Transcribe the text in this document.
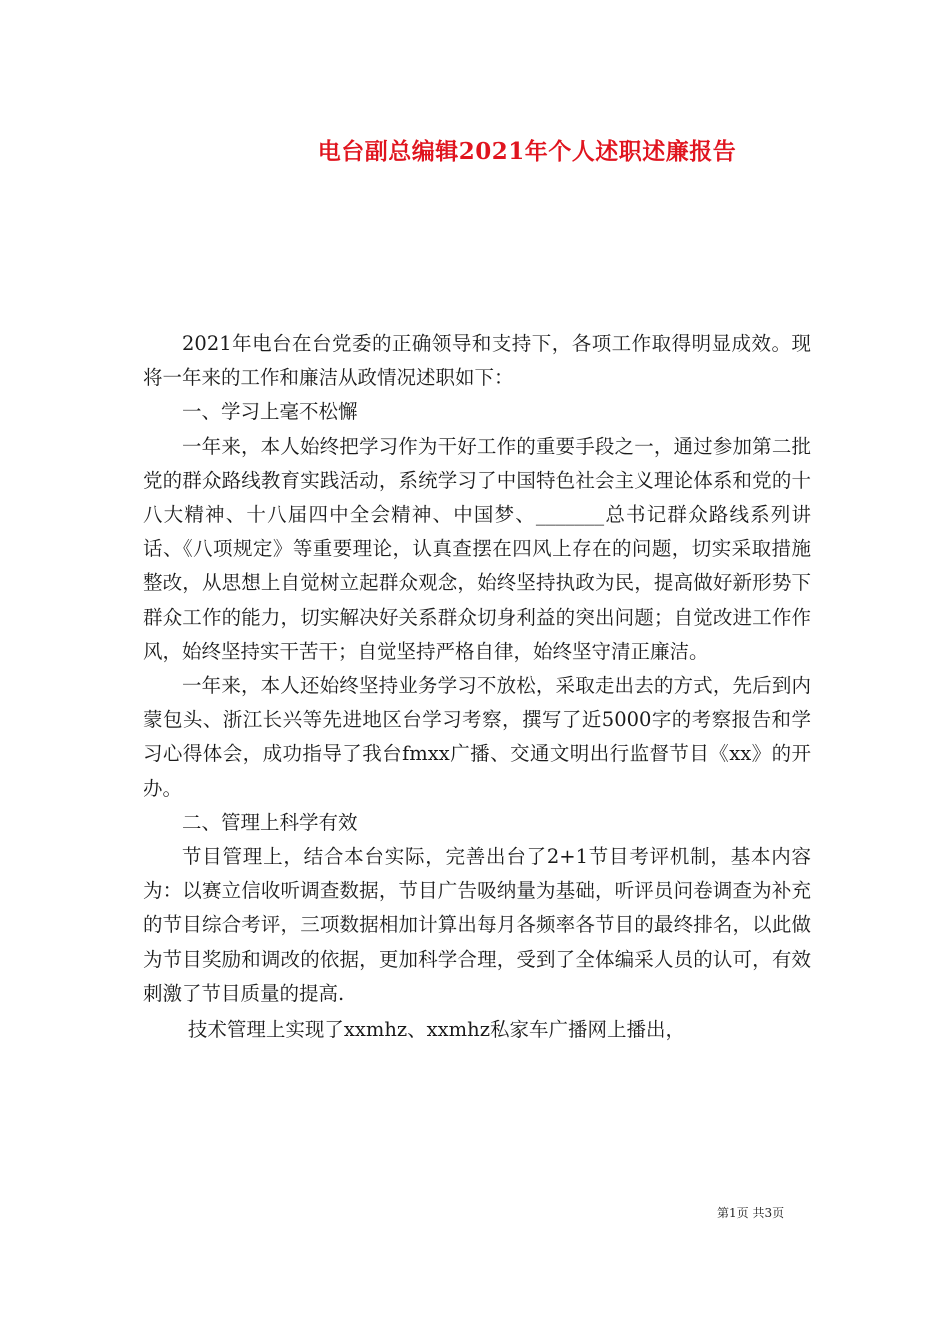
电台副总编辑2021年个人述职述廉报告

2021年电台在台党委的正确领导和支持下，各项工作取得明显成效。现将一年来的工作和廉洁从政情况述职如下：

一、学习上毫不松懈

一年来，本人始终把学习作为干好工作的重要手段之一，通过参加第二批党的群众路线教育实践活动，系统学习了中国特色社会主义理论体系和党的十八大精神、十八届四中全会精神、中国梦、_______总书记群众路线系列讲话、《八项规定》等重要理论，认真查摆在四风上存在的问题，切实采取措施整改，从思想上自觉树立起群众观念，始终坚持执政为民，提高做好新形势下群众工作的能力，切实解决好关系群众切身利益的突出问题；自觉改进工作作风，始终坚持实干苦干；自觉坚持严格自律，始终坚守清正廉洁。

一年来，本人还始终坚持业务学习不放松，采取走出去的方式，先后到内蒙包头、浙江长兴等先进地区台学习考察，撰写了近5000字的考察报告和学习心得体会，成功指导了我台fmxx广播、交通文明出行监督节目《xx》的开办。

二、管理上科学有效

节目管理上，结合本台实际，完善出台了2+1节目考评机制，基本内容为：以赛立信收听调查数据，节目广告吸纳量为基础，听评员问卷调查为补充的节目综合考评，三项数据相加计算出每月各频率各节目的最终排名，以此做为节目奖励和调改的依据，更加科学合理，受到了全体编采人员的认可，有效刺激了节目质量的提高.

技术管理上实现了xxmhz、xxmhz私家车广播网上播出，

第1页 共3页
